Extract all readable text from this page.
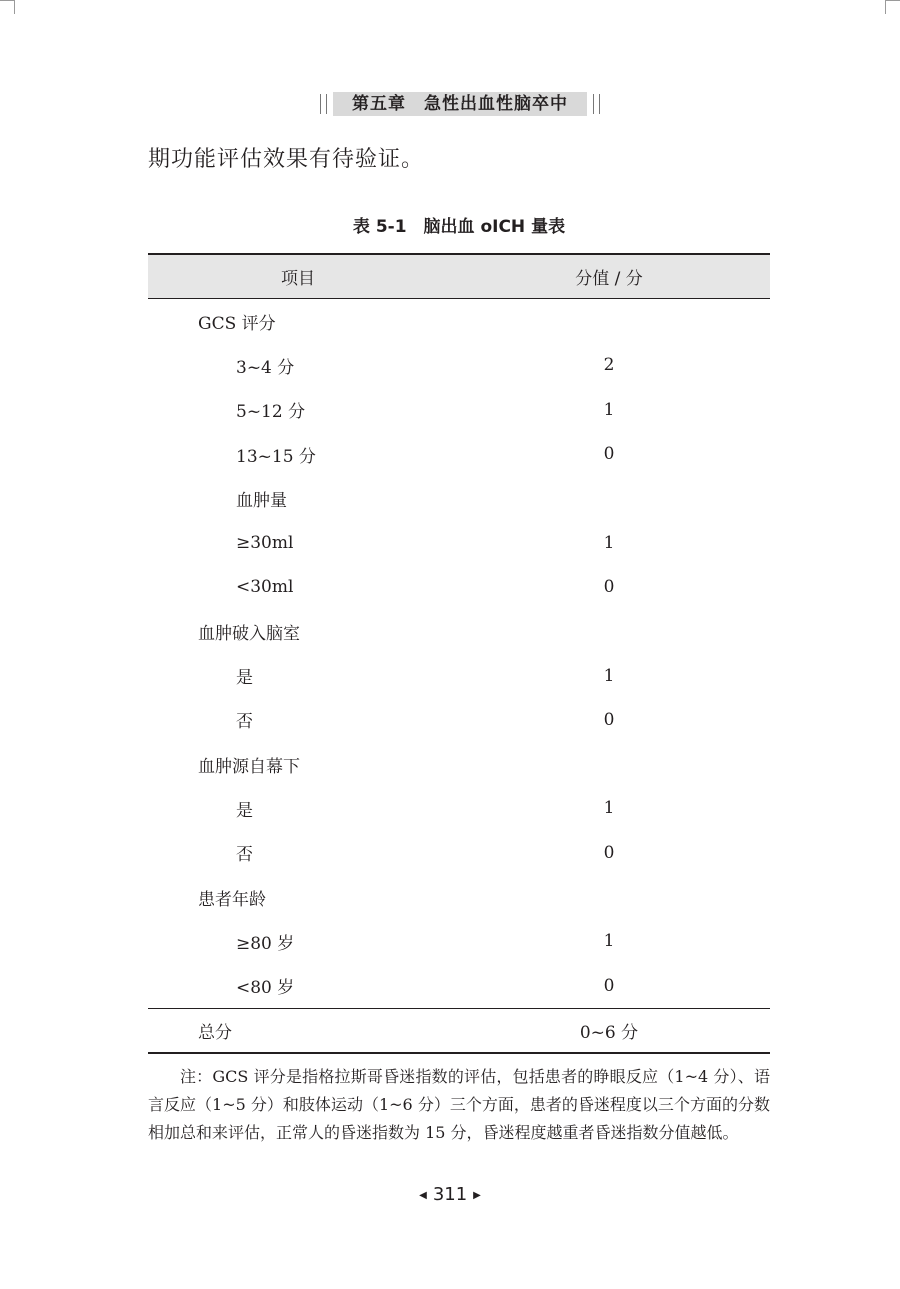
第五章　急性出血性脑卒中
期功能评估效果有待验证。
表 5-1　脑出血 oICH 量表
项目	分值 / 分
GCS 评分
3~4 分	2
5~12 分	1
13~15 分	0
血肿量
≥30ml	1
<30ml	0
血肿破入脑室
是	1
否	0
血肿源自幕下
是	1
否	0
患者年龄
≥80 岁	1
<80 岁	0
总分	0~6 分
注：GCS 评分是指格拉斯哥昏迷指数的评估，包括患者的睁眼反应（1~4 分）、语言反应（1~5 分）和肢体运动（1~6 分）三个方面，患者的昏迷程度以三个方面的分数相加总和来评估，正常人的昏迷指数为 15 分，昏迷程度越重者昏迷指数分值越低。
◀ 311 ▶
